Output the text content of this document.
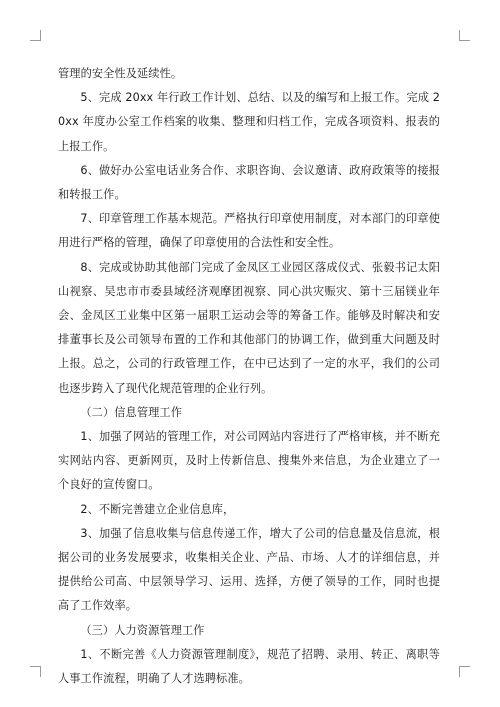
管理的安全性及延续性。

5、完成 20xx 年行政工作计划、总结、以及的编写和上报工作。完成 20xx 年度办公室工作档案的收集、整理和归档工作，完成各项资料、报表的上报工作。

6、做好办公室电话业务合作、求职咨询、会议邀请、政府政策等的接报和转报工作。

7、印章管理工作基本规范。严格执行印章使用制度，对本部门的印章使用进行严格的管理，确保了印章使用的合法性和安全性。

8、完成或协助其他部门完成了金凤区工业园区落成仪式、张毅书记太阳山视察、吴忠市市委县域经济观摩团视察、同心洪灾赈灾、第十三届镁业年会、金凤区工业集中区第一届职工运动会等的筹备工作。能够及时解决和安排董事长及公司领导布置的工作和其他部门的协调工作，做到重大问题及时上报。总之，公司的行政管理工作，在中已达到了一定的水平，我们的公司也逐步跨入了现代化规范管理的企业行列。

（二）信息管理工作

1、加强了网站的管理工作，对公司网站内容进行了严格审核，并不断充实网站内容、更新网页，及时上传新信息、搜集外来信息，为企业建立了一个良好的宣传窗口。

2、不断完善建立企业信息库，

3、加强了信息收集与信息传递工作，增大了公司的信息量及信息流，根据公司的业务发展要求，收集相关企业、产品、市场、人才的详细信息，并提供给公司高、中层领导学习、运用、选择，方便了领导的工作，同时也提高了工作效率。

（三）人力资源管理工作

1、不断完善《人力资源管理制度》，规范了招聘、录用、转正、离职等人事工作流程，明确了人才选聘标准。
